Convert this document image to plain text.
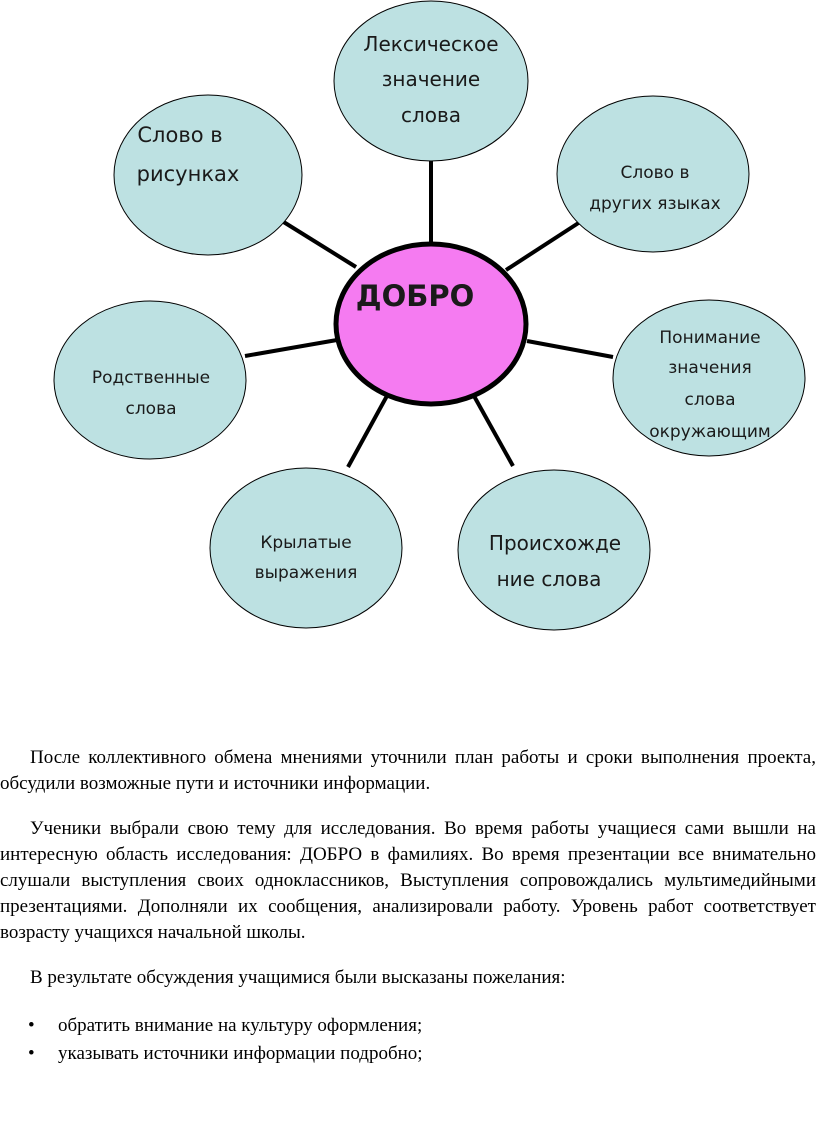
Лексическое
значение
слова
Слово в
рисунках	Слово в
других языках
Родственные
слова
Понимание
значения
слова
окружающим
Крылатые
выражения
Происхожде
ние слова
ДОБРО

После коллективного обмена мнениями уточнили план работы и сроки выполнения проекта, обсудили возможные пути и источники информации.

Ученики выбрали свою тему для исследования. Во время работы учащиеся сами вышли на интересную область исследования: ДОБРО в фамилиях. Во время презентации все внимательно слушали выступления своих одноклассников, Выступления сопровождались мультимедийными презентациями. Дополняли их сообщения, анализировали работу. Уровень работ соответствует возрасту учащихся начальной школы.

В результате обсуждения учащимися были высказаны пожелания:

• обратить внимание на культуру оформления;
• указывать источники информации подробно;
